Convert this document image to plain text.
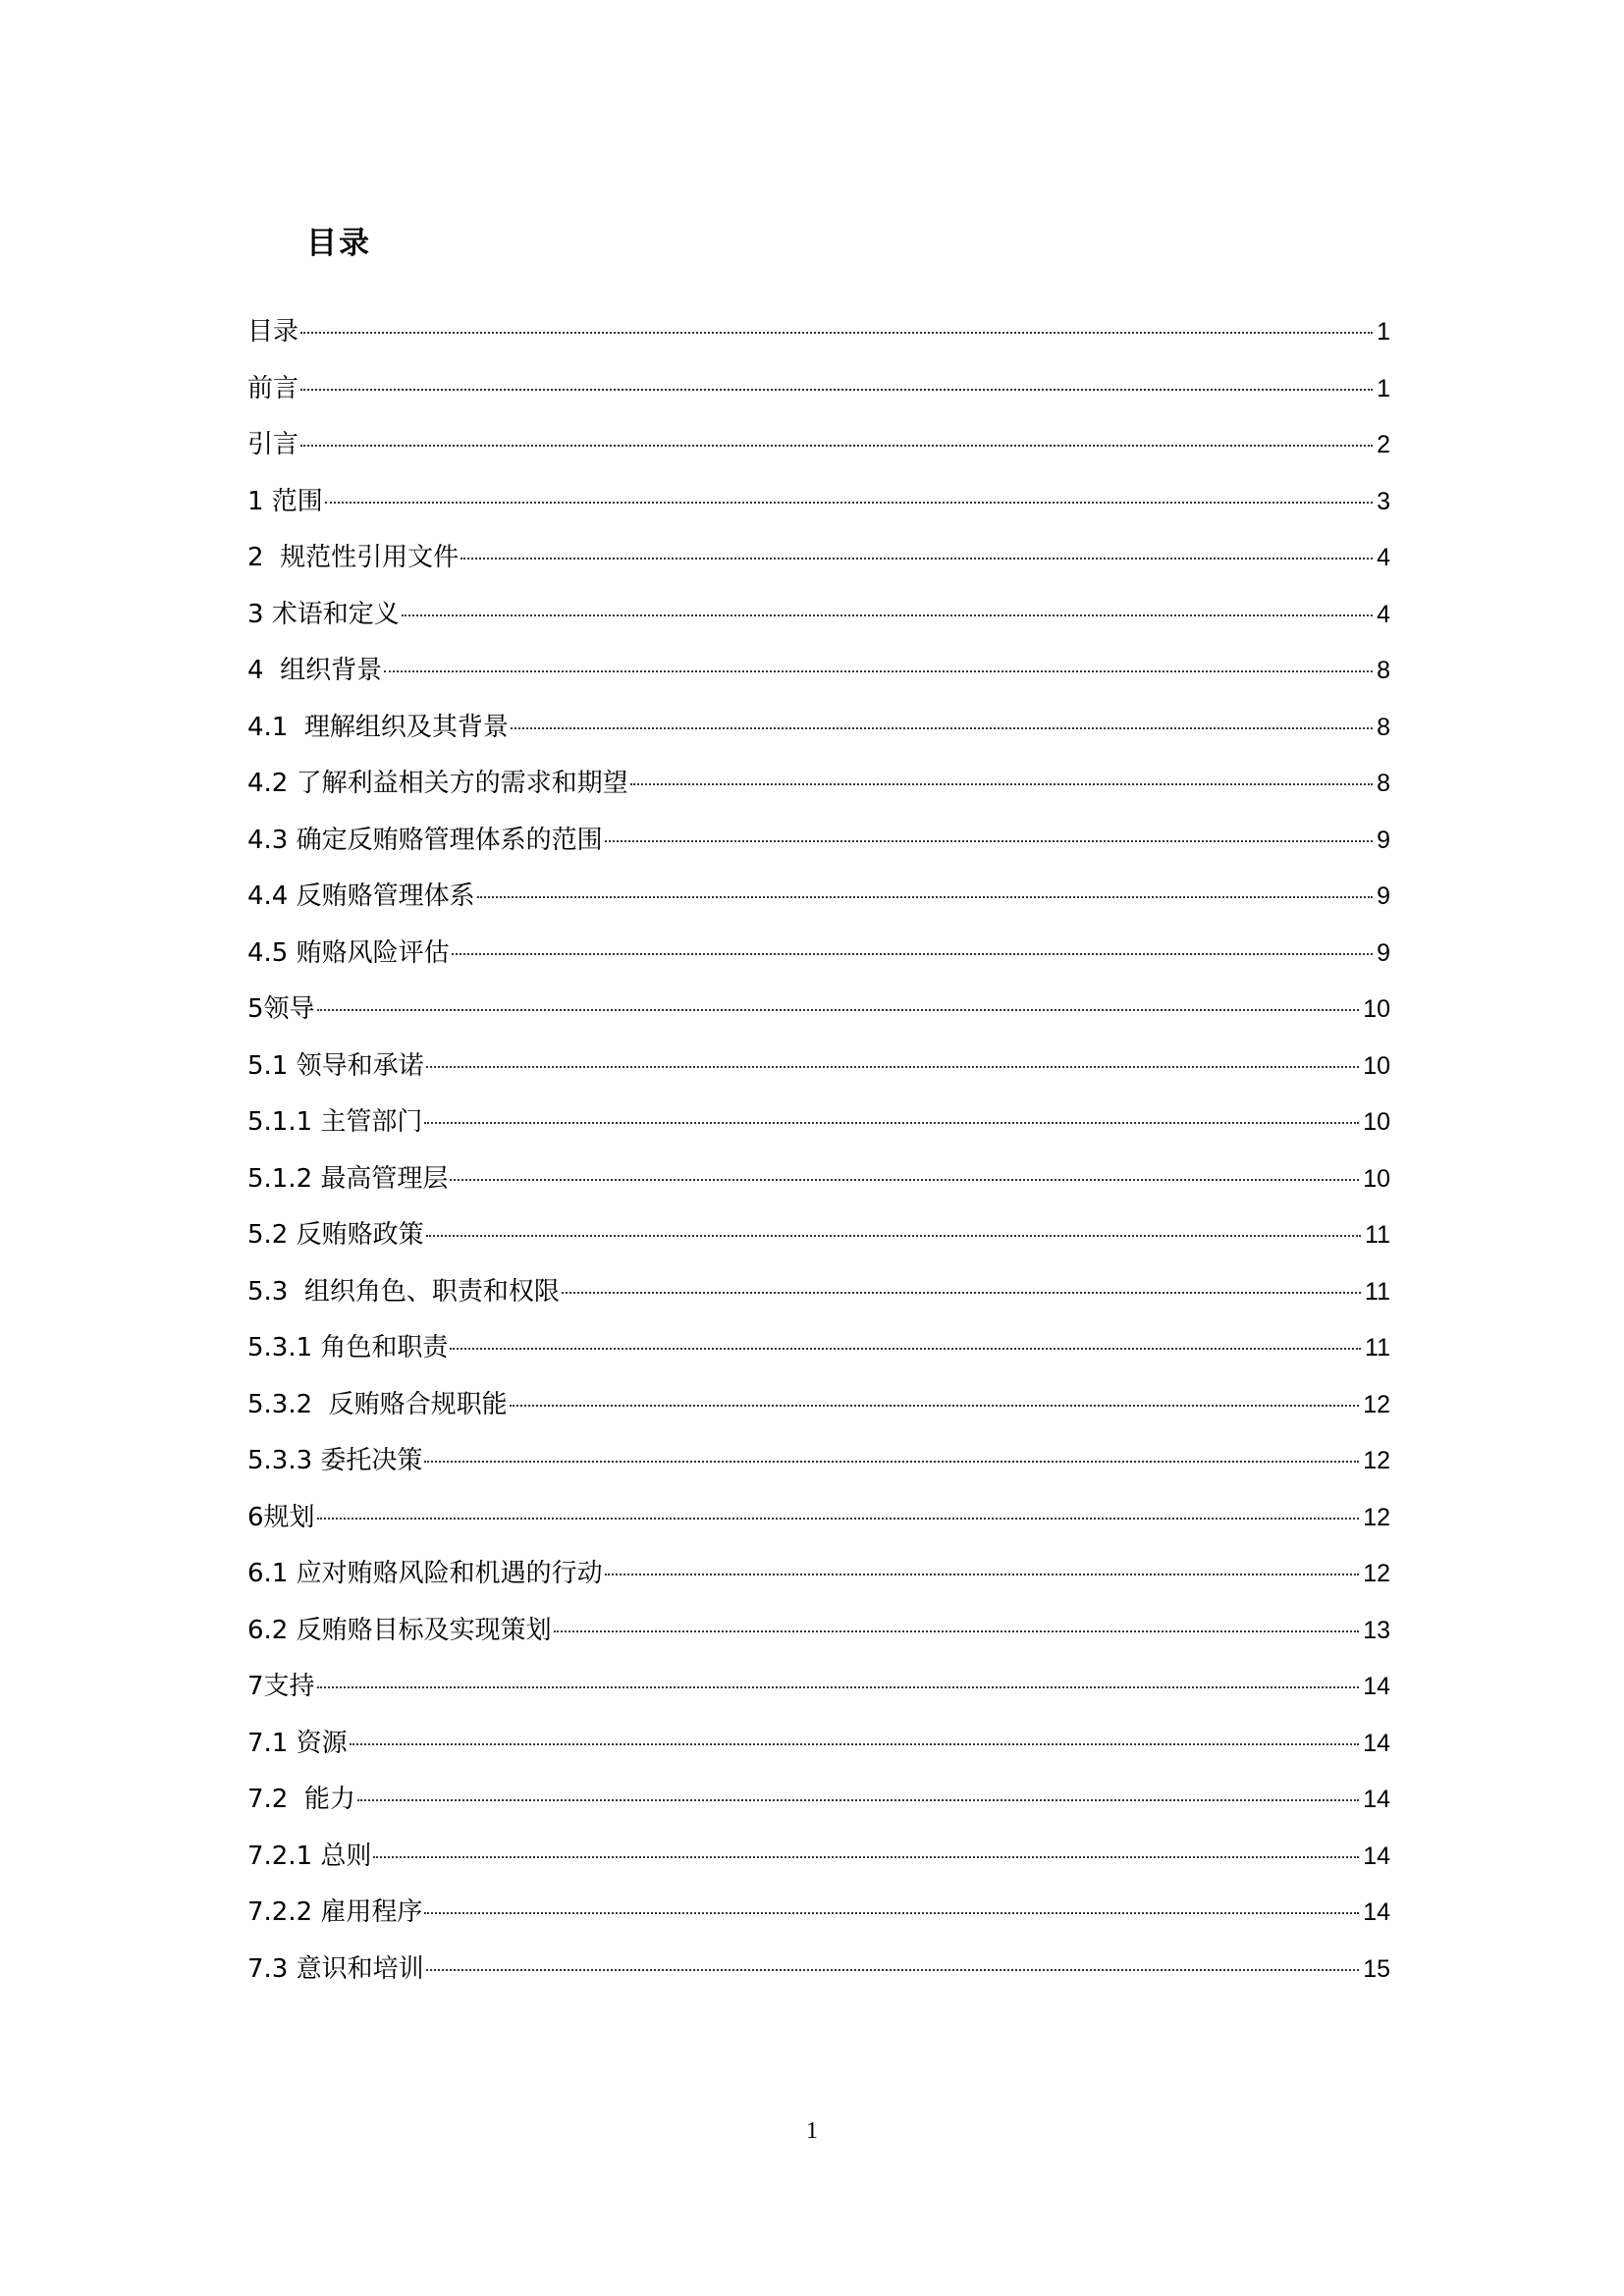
目录
目录	1
前言	1
引言	2
1 范围	3
2  规范性引用文件	4
3 术语和定义	4
4  组织背景	8
4.1  理解组织及其背景	8
4.2 了解利益相关方的需求和期望	8
4.3 确定反贿赂管理体系的范围	9
4.4 反贿赂管理体系	9
4.5 贿赂风险评估	9
5领导	10
5.1 领导和承诺	10
5.1.1 主管部门	10
5.1.2 最高管理层	10
5.2 反贿赂政策	11
5.3  组织角色、职责和权限	11
5.3.1 角色和职责	11
5.3.2  反贿赂合规职能	12
5.3.3 委托决策	12
6规划	12
6.1 应对贿赂风险和机遇的行动	12
6.2 反贿赂目标及实现策划	13
7支持	14
7.1 资源	14
7.2  能力	14
7.2.1 总则	14
7.2.2 雇用程序	14
7.3 意识和培训	15
1
